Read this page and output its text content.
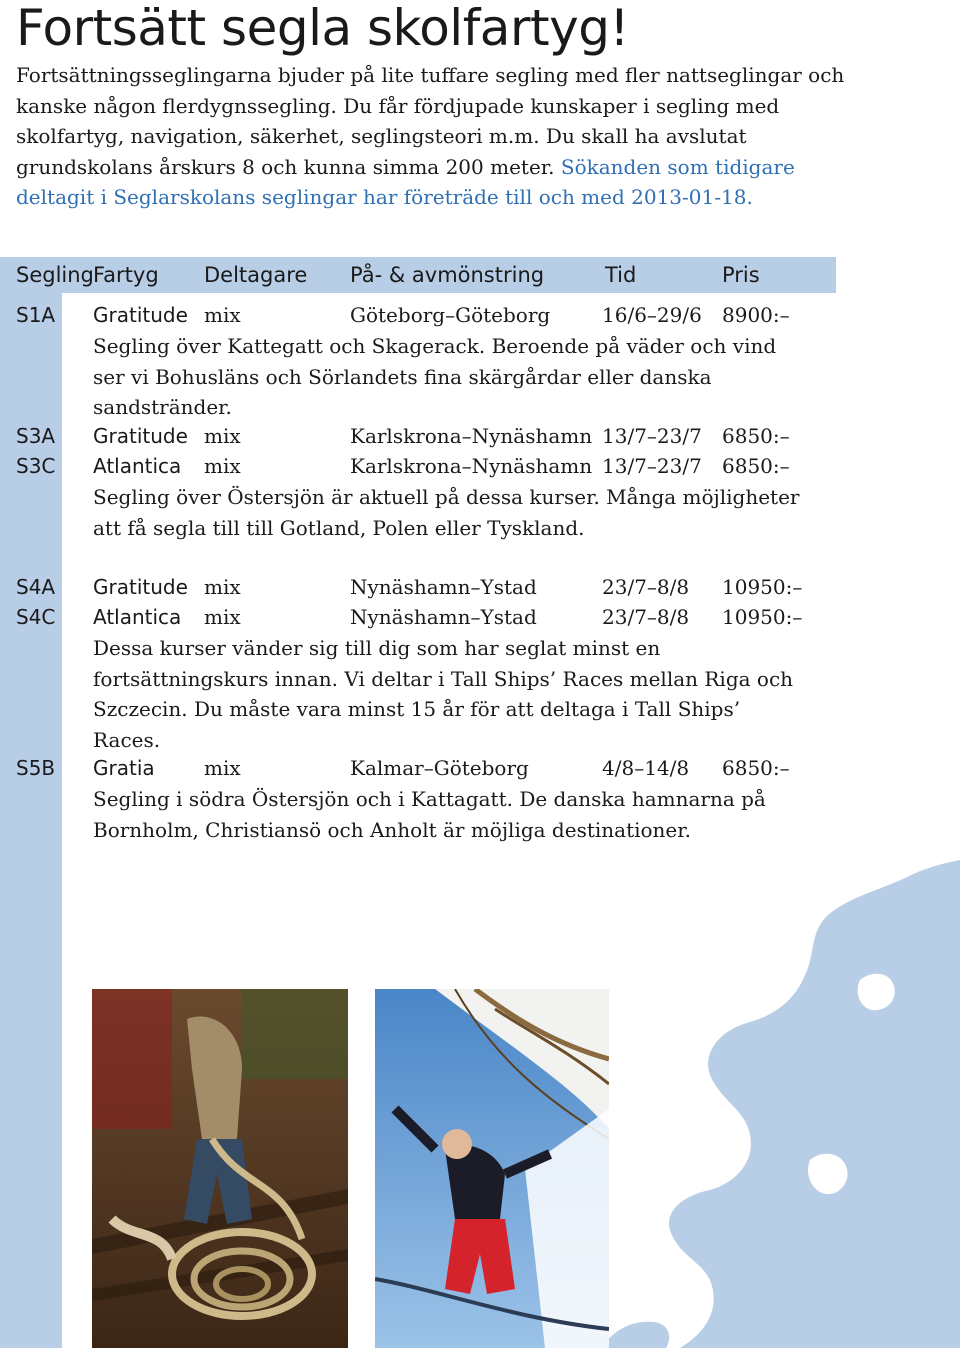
Fortsätt segla skolfartyg!

Fortsättningsseglingarna bjuder på lite tuffare segling med fler nattseglingar och kanske någon flerdygnssegling. Du får fördjupade kunskaper i segling med skolfartyg, navigation, säkerhet, seglingsteori m.m. Du skall ha avslutat grundskolans årskurs 8 och kunna simma 200 meter. Sökanden som tidigare deltagit i Seglarskolans seglingar har företräde till och med 2013-01-18.

Segling Fartyg Deltagare På- & avmönstring	Tid	Pris
S1A Gratitude mix	Göteborg–Göteborg	16/6–29/6 8900:–
Segling över Kattegatt och Skagerack. Beroende på väder och vind ser vi Bohusläns och Sörlandets fina skärgårdar eller danska sandstränder.
S3A Gratitude mix	Karlskrona–Nynäshamn 13/7–23/7 6850:–
S3C Atlantica mix	Karlskrona–Nynäshamn 13/7–23/7 6850:–
Segling över Östersjön är aktuell på dessa kurser. Många möjligheter att få segla till till Gotland, Polen eller Tyskland.
S4A Gratitude mix	Nynäshamn–Ystad	23/7–8/8 10950:–
S4C Atlantica mix	Nynäshamn–Ystad	23/7–8/8 10950:–
Dessa kurser vänder sig till dig som har seglat minst en fortsättningskurs innan. Vi deltar i Tall Ships’ Races mellan Riga och Szczecin. Du måste vara minst 15 år för att deltaga i Tall Ships’ Races.
S5B Gratia mix	Kalmar–Göteborg	4/8–14/8 6850:–
Segling i södra Östersjön och i Kattagatt. De danska hamnarna på Bornholm, Christiansö och Anholt är möjliga destinationer.
